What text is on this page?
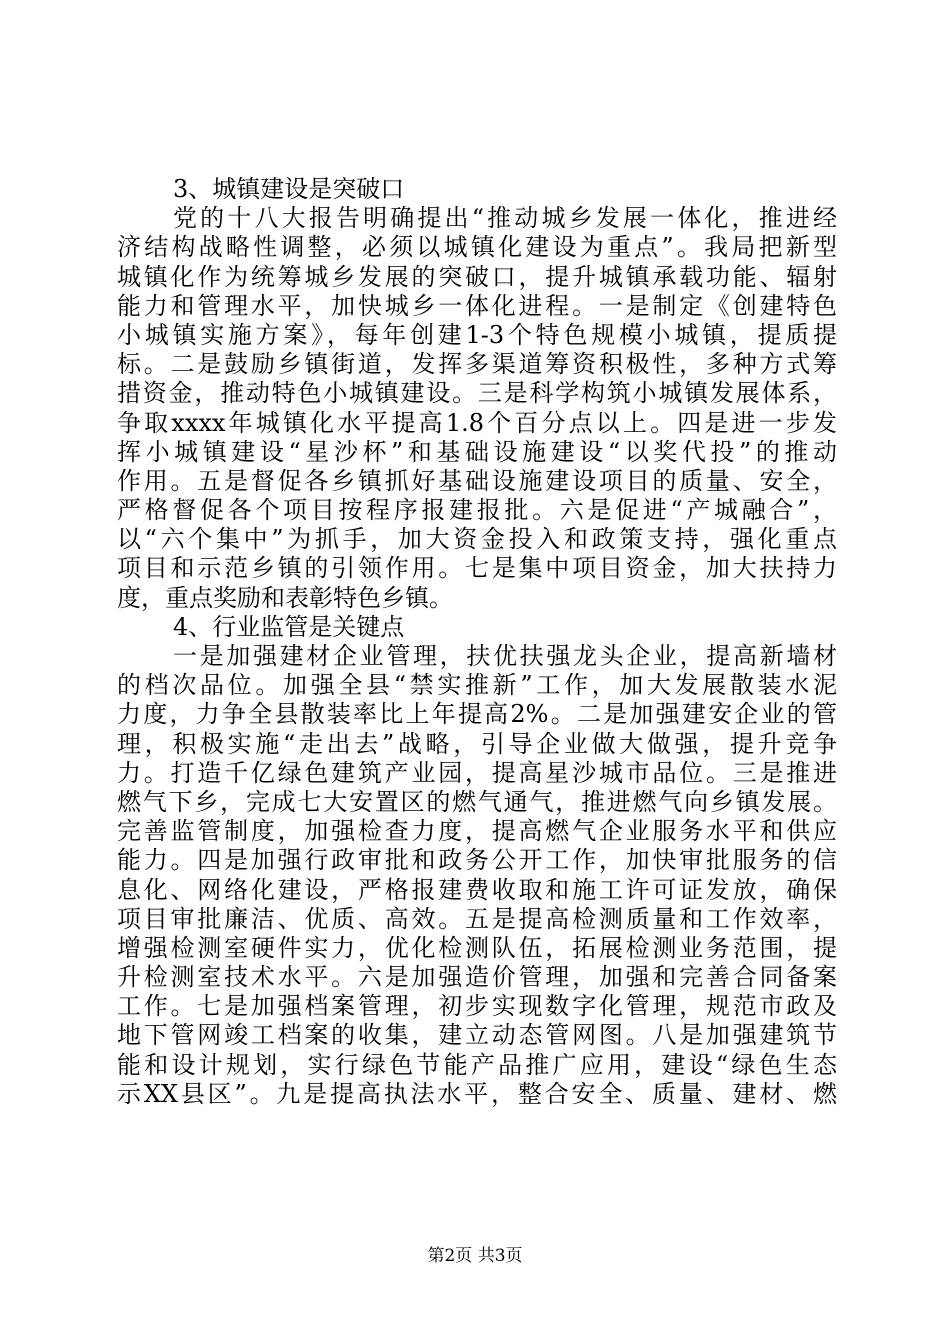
3、城镇建设是突破口
党的十八大报告明确提出“推动城乡发展一体化，推进经
济结构战略性调整，必须以城镇化建设为重点”。我局把新型
城镇化作为统筹城乡发展的突破口，提升城镇承载功能、辐射
能力和管理水平，加快城乡一体化进程。一是制定《创建特色
小城镇实施方案》，每年创建1-3个特色规模小城镇，提质提
标。二是鼓励乡镇街道，发挥多渠道筹资积极性，多种方式筹
措资金，推动特色小城镇建设。三是科学构筑小城镇发展体系，
争取xxxx年城镇化水平提高1.8个百分点以上。四是进一步发
挥小城镇建设“星沙杯”和基础设施建设“以奖代投”的推动
作用。五是督促各乡镇抓好基础设施建设项目的质量、安全，
严格督促各个项目按程序报建报批。六是促进“产城融合”，
以“六个集中”为抓手，加大资金投入和政策支持，强化重点
项目和示范乡镇的引领作用。七是集中项目资金，加大扶持力
度，重点奖励和表彰特色乡镇。
4、行业监管是关键点
一是加强建材企业管理，扶优扶强龙头企业，提高新墙材
的档次品位。加强全县“禁实推新”工作，加大发展散装水泥
力度，力争全县散装率比上年提高2%。二是加强建安企业的管
理，积极实施“走出去”战略，引导企业做大做强，提升竞争
力。打造千亿绿色建筑产业园，提高星沙城市品位。三是推进
燃气下乡，完成七大安置区的燃气通气，推进燃气向乡镇发展。
完善监管制度，加强检查力度，提高燃气企业服务水平和供应
能力。四是加强行政审批和政务公开工作，加快审批服务的信
息化、网络化建设，严格报建费收取和施工许可证发放，确保
项目审批廉洁、优质、高效。五是提高检测质量和工作效率，
增强检测室硬件实力，优化检测队伍，拓展检测业务范围，提
升检测室技术水平。六是加强造价管理，加强和完善合同备案
工作。七是加强档案管理，初步实现数字化管理，规范市政及
地下管网竣工档案的收集，建立动态管网图。八是加强建筑节
能和设计规划，实行绿色节能产品推广应用，建设“绿色生态
示XX县区”。九是提高执法水平，整合安全、质量、建材、燃
第2页 共3页
